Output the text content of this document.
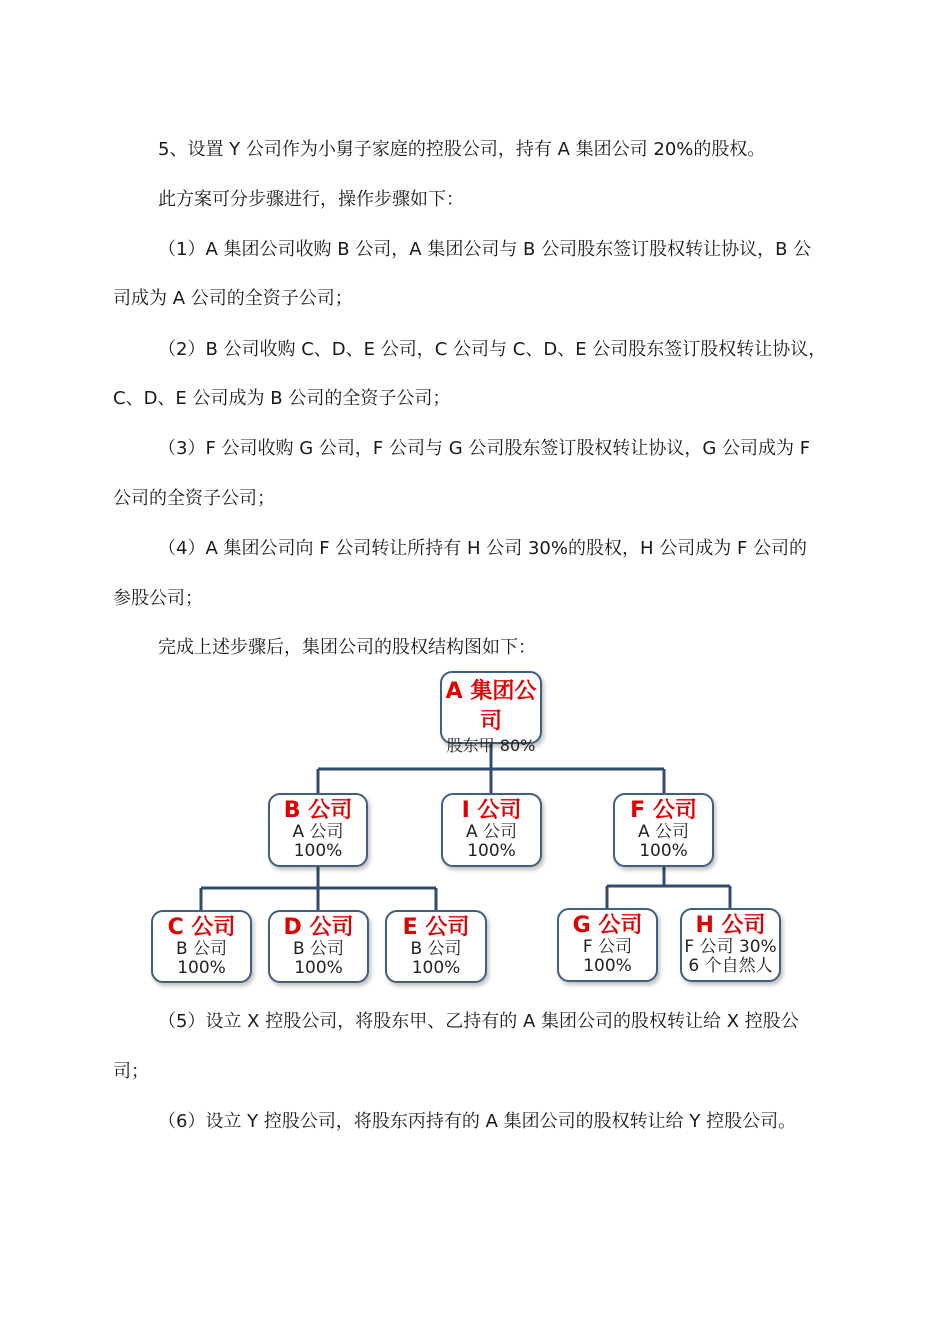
5、设置 Y 公司作为小舅子家庭的控股公司，持有 A 集团公司 20%的股权。
此方案可分步骤进行，操作步骤如下：
（1）A 集团公司收购 B 公司，A 集团公司与 B 公司股东签订股权转让协议，B 公
司成为 A 公司的全资子公司；
（2）B 公司收购 C、D、E 公司，C 公司与 C、D、E 公司股东签订股权转让协议，
C、D、E 公司成为 B 公司的全资子公司；
（3）F 公司收购 G 公司，F 公司与 G 公司股东签订股权转让协议，G 公司成为 F
公司的全资子公司；
（4）A 集团公司向 F 公司转让所持有 H 公司 30%的股权，H 公司成为 F 公司的
参股公司；
完成上述步骤后，集团公司的股权结构图如下：
A 集团公
司
股东甲 80%
B 公司
A 公司
100%
I 公司
A 公司
100%
F 公司
A 公司
100%
C 公司
B 公司
100%
D 公司
B 公司
100%
E 公司
B 公司
100%
G 公司
F 公司
100%
H 公司
F 公司 30%
6 个自然人
（5）设立 X 控股公司，将股东甲、乙持有的 A 集团公司的股权转让给 X 控股公
司；
（6）设立 Y 控股公司，将股东丙持有的 A 集团公司的股权转让给 Y 控股公司。
